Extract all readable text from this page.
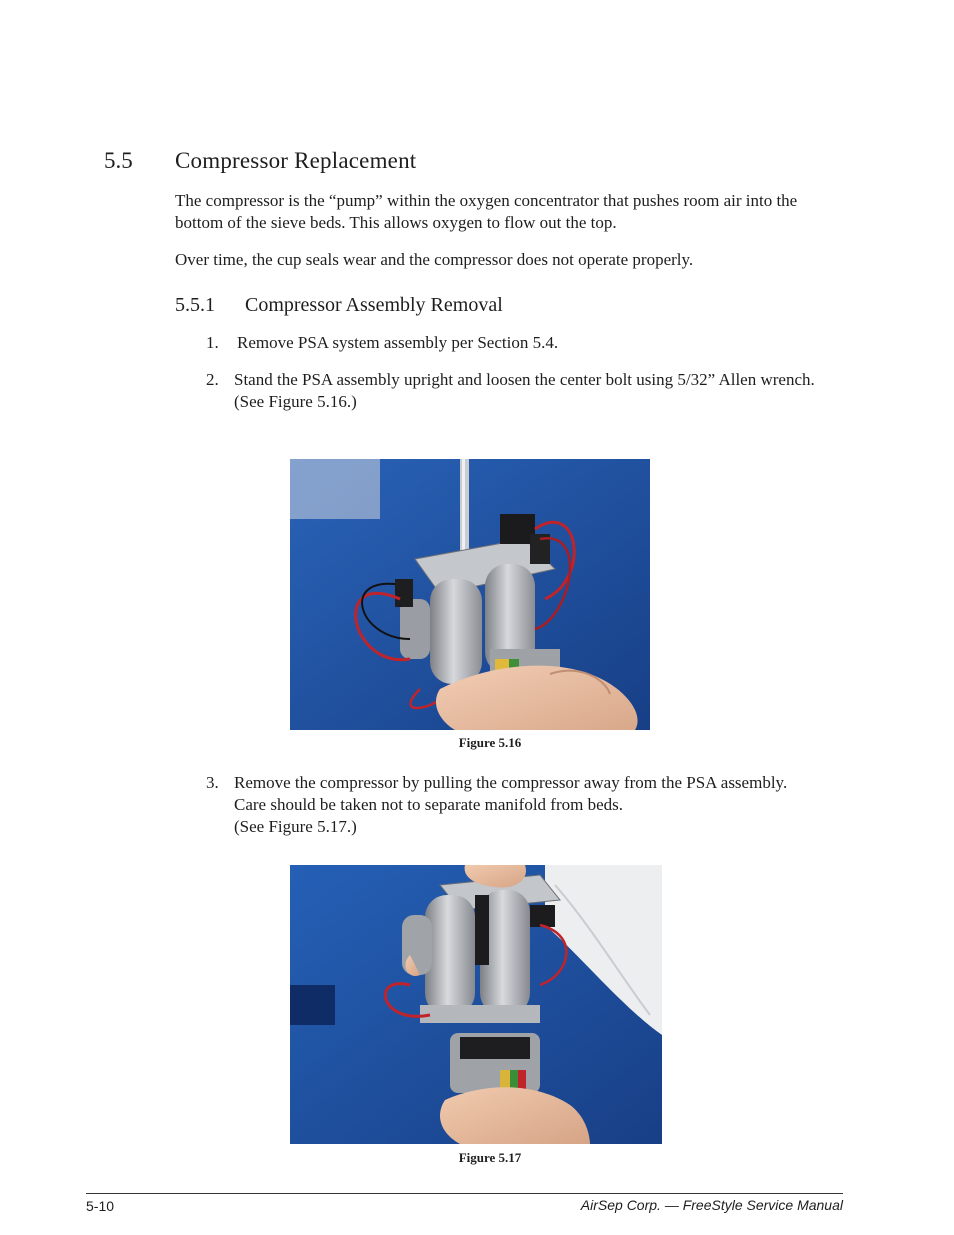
5.5 Compressor Replacement
The compressor is the “pump” within the oxygen concentrator that pushes room air into the bottom of the sieve beds. This allows oxygen to flow out the top.
Over time, the cup seals wear and the compressor does not operate properly.
5.5.1 Compressor Assembly Removal
1. Remove PSA system assembly per Section 5.4.
2. Stand the PSA assembly upright and loosen the center bolt using 5/32” Allen wrench.
(See Figure 5.16.)
Figure 5.16
3. Remove the compressor by pulling the compressor away from the PSA assembly.
Care should be taken not to separate manifold from beds.
(See Figure 5.17.)
Figure 5.17
5-10	AirSep Corp. — FreeStyle Service Manual
